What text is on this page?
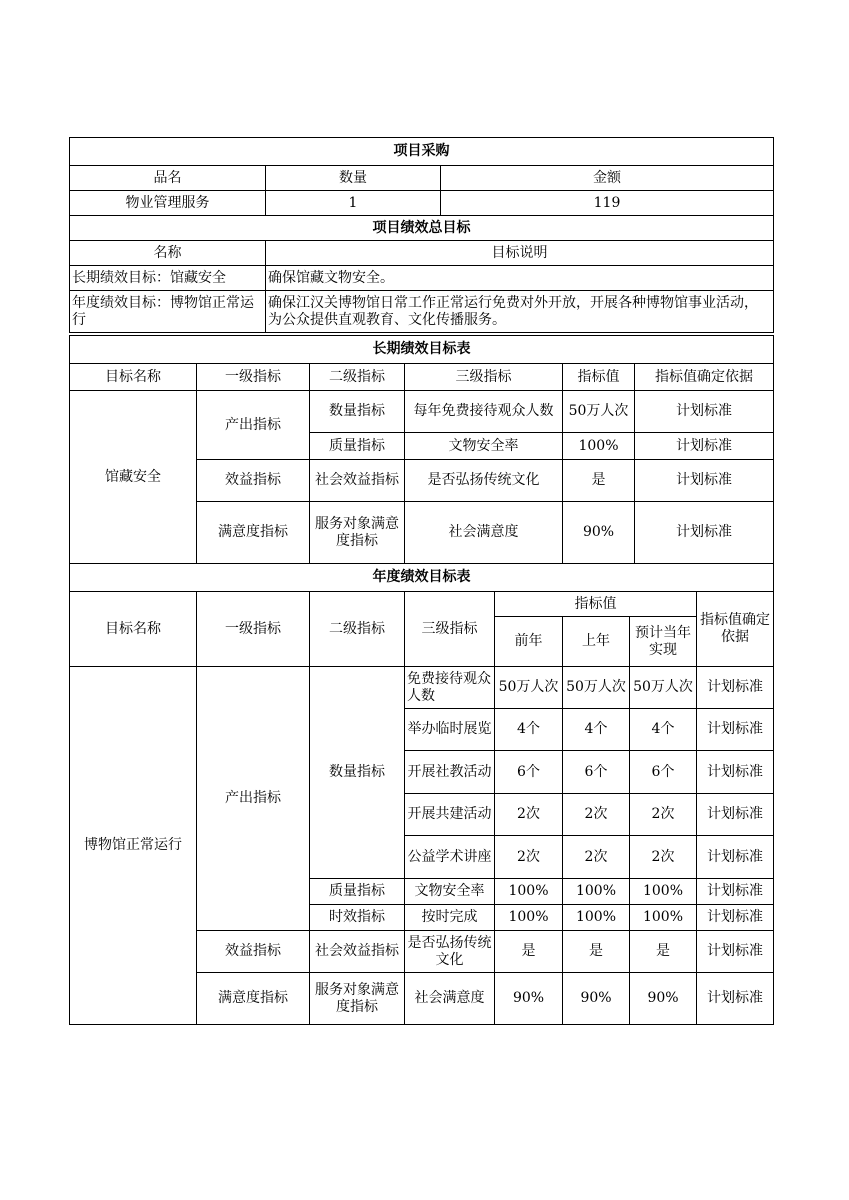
项目采购		
品名	数量	金额
物业管理服务	1	119
项目绩效总目标		
名称	目标说明	
长期绩效目标：馆藏安全	确保馆藏文物安全。	
年度绩效目标：博物馆正常运行	确保江汉关博物馆日常工作正常运行免费对外开放，开展各种博物馆事业活动，为公众提供直观教育、文化传播服务。	
长期绩效目标表					
目标名称	一级指标	二级指标	三级指标	指标值	指标值确定依据
馆藏安全	产出指标	数量指标	每年免费接待观众人数	50万人次	计划标准
		质量指标	文物安全率	100%	计划标准
	效益指标	社会效益指标	是否弘扬传统文化	是	计划标准
	满意度指标	服务对象满意度指标	社会满意度	90%	计划标准
年度绩效目标表							
目标名称	一级指标	二级指标	三级指标	指标值			指标值确定依据
				前年	上年	预计当年实现	
博物馆正常运行	产出指标	数量指标	免费接待观众人数	50万人次	50万人次	50万人次	计划标准
			举办临时展览	4个	4个	4个	计划标准
			开展社教活动	6个	6个	6个	计划标准
			开展共建活动	2次	2次	2次	计划标准
			公益学术讲座	2次	2次	2次	计划标准
		质量指标	文物安全率	100%	100%	100%	计划标准
		时效指标	按时完成	100%	100%	100%	计划标准
	效益指标	社会效益指标	是否弘扬传统文化	是	是	是	计划标准
	满意度指标	服务对象满意度指标	社会满意度	90%	90%	90%	计划标准
